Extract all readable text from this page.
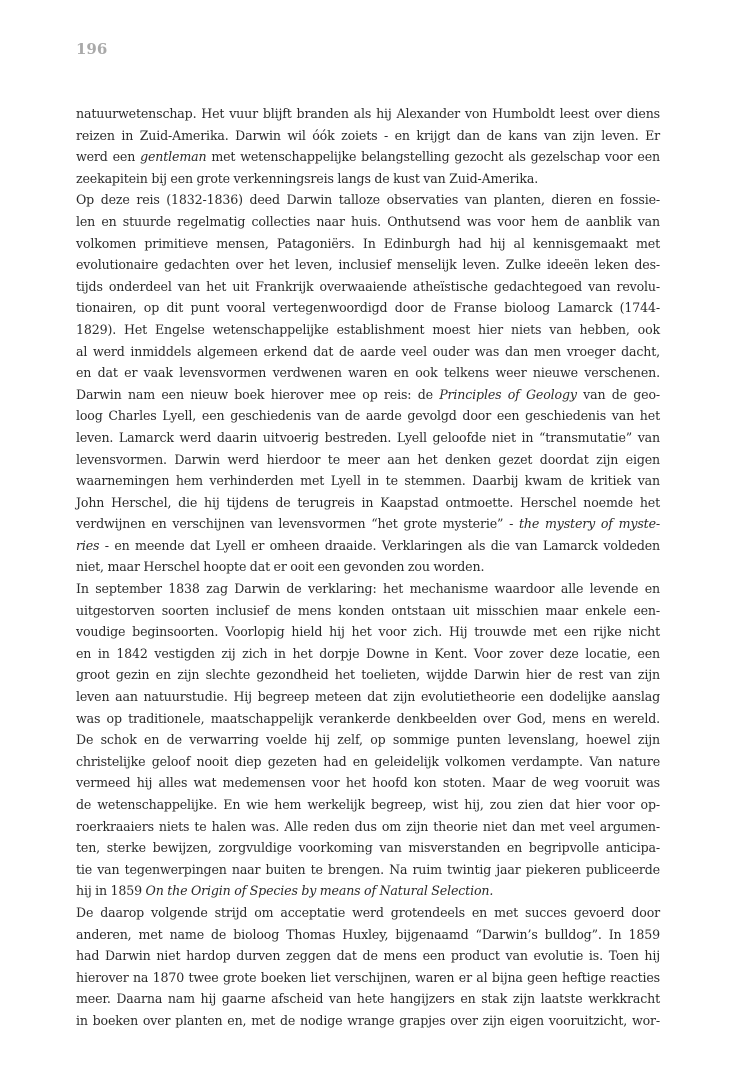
196
natuurwetenschap. Het vuur blijft branden als hij Alexander von Humboldt leest over diens
reizen in Zuid-Amerika. Darwin wil óók zoiets - en krijgt dan de kans van zijn leven. Er
werd een gentleman met wetenschappelijke belangstelling gezocht als gezelschap voor een
zeekapitein bij een grote verkenningsreis langs de kust van Zuid-Amerika.
Op deze reis (1832-1836) deed Darwin talloze observaties van planten, dieren en fossie-
len en stuurde regelmatig collecties naar huis. Onthutsend was voor hem de aanblik van
volkomen primitieve mensen, Patagoniërs. In Edinburgh had hij al kennisgemaakt met
evolutionaire gedachten over het leven, inclusief menselijk leven. Zulke ideeën leken des-
tijds onderdeel van het uit Frankrijk overwaaiende atheïstische gedachtegoed van revolu-
tionairen, op dit punt vooral vertegenwoordigd door de Franse bioloog Lamarck (1744-
1829). Het Engelse wetenschappelijke establishment moest hier niets van hebben, ook
al werd inmiddels algemeen erkend dat de aarde veel ouder was dan men vroeger dacht,
en dat er vaak levensvormen verdwenen waren en ook telkens weer nieuwe verschenen.
Darwin nam een nieuw boek hierover mee op reis: de Principles of Geology van de geo-
loog Charles Lyell, een geschiedenis van de aarde gevolgd door een geschiedenis van het
leven. Lamarck werd daarin uitvoerig bestreden. Lyell geloofde niet in “transmutatie” van
levensvormen. Darwin werd hierdoor te meer aan het denken gezet doordat zijn eigen
waarnemingen hem verhinderden met Lyell in te stemmen. Daarbij kwam de kritiek van
John Herschel, die hij tijdens de terugreis in Kaapstad ontmoette. Herschel noemde het
verdwijnen en verschijnen van levensvormen “het grote mysterie” - the mystery of myste-
ries - en meende dat Lyell er omheen draaide. Verklaringen als die van Lamarck voldeden
niet, maar Herschel hoopte dat er ooit een gevonden zou worden.
In september 1838 zag Darwin de verklaring: het mechanisme waardoor alle levende en
uitgestorven soorten inclusief de mens konden ontstaan uit misschien maar enkele een-
voudige beginsoorten. Voorlopig hield hij het voor zich. Hij trouwde met een rijke nicht
en in 1842 vestigden zij zich in het dorpje Downe in Kent. Voor zover deze locatie, een
groot gezin en zijn slechte gezondheid het toelieten, wijdde Darwin hier de rest van zijn
leven aan natuurstudie. Hij begreep meteen dat zijn evolutietheorie een dodelijke aanslag
was op traditionele, maatschappelijk verankerde denkbeelden over God, mens en wereld.
De schok en de verwarring voelde hij zelf, op sommige punten levenslang, hoewel zijn
christelijke geloof nooit diep gezeten had en geleidelijk volkomen verdampte. Van nature
vermeed hij alles wat medemensen voor het hoofd kon stoten. Maar de weg vooruit was
de wetenschappelijke. En wie hem werkelijk begreep, wist hij, zou zien dat hier voor op-
roerkraaiers niets te halen was. Alle reden dus om zijn theorie niet dan met veel argumen-
ten, sterke bewijzen, zorgvuldige voorkoming van misverstanden en begripvolle anticipa-
tie van tegenwerpingen naar buiten te brengen. Na ruim twintig jaar piekeren publiceerde
hij in 1859 On the Origin of Species by means of Natural Selection.
De daarop volgende strijd om acceptatie werd grotendeels en met succes gevoerd door
anderen, met name de bioloog Thomas Huxley, bijgenaamd “Darwin’s bulldog”. In 1859
had Darwin niet hardop durven zeggen dat de mens een product van evolutie is. Toen hij
hierover na 1870 twee grote boeken liet verschijnen, waren er al bijna geen heftige reacties
meer. Daarna nam hij gaarne afscheid van hete hangijzers en stak zijn laatste werkkracht
in boeken over planten en, met de nodige wrange grapjes over zijn eigen vooruitzicht, wor-
